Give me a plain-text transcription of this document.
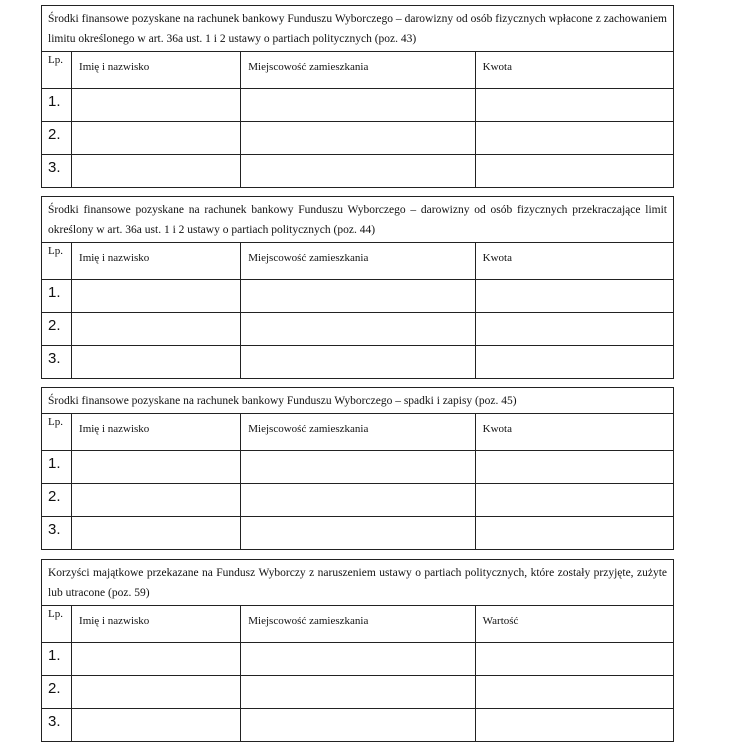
Środki finansowe pozyskane na rachunek bankowy Funduszu Wyborczego – darowizny od osób fizycznych wpłacone z zachowaniem limitu określonego w art. 36a ust. 1 i 2 ustawy o partiach politycznych (poz. 43)			
Lp.	Imię i nazwisko	Miejscowość zamieszkania	Kwota
1.			
2.			
3.			
Środki finansowe pozyskane na rachunek bankowy Funduszu Wyborczego – darowizny od osób fizycznych przekraczające limit określony w art. 36a ust. 1 i 2 ustawy o partiach politycznych (poz. 44)			
Lp.	Imię i nazwisko	Miejscowość zamieszkania	Kwota
1.			
2.			
3.			
Środki finansowe pozyskane na rachunek bankowy Funduszu Wyborczego – spadki i zapisy (poz. 45)			
Lp.	Imię i nazwisko	Miejscowość zamieszkania	Kwota
1.			
2.			
3.			
Korzyści majątkowe przekazane na Fundusz Wyborczy z naruszeniem ustawy o partiach politycznych, które zostały przyjęte, zużyte lub utracone (poz. 59)			
Lp.	Imię i nazwisko	Miejscowość zamieszkania	Wartość
1.			
2.			
3.			
